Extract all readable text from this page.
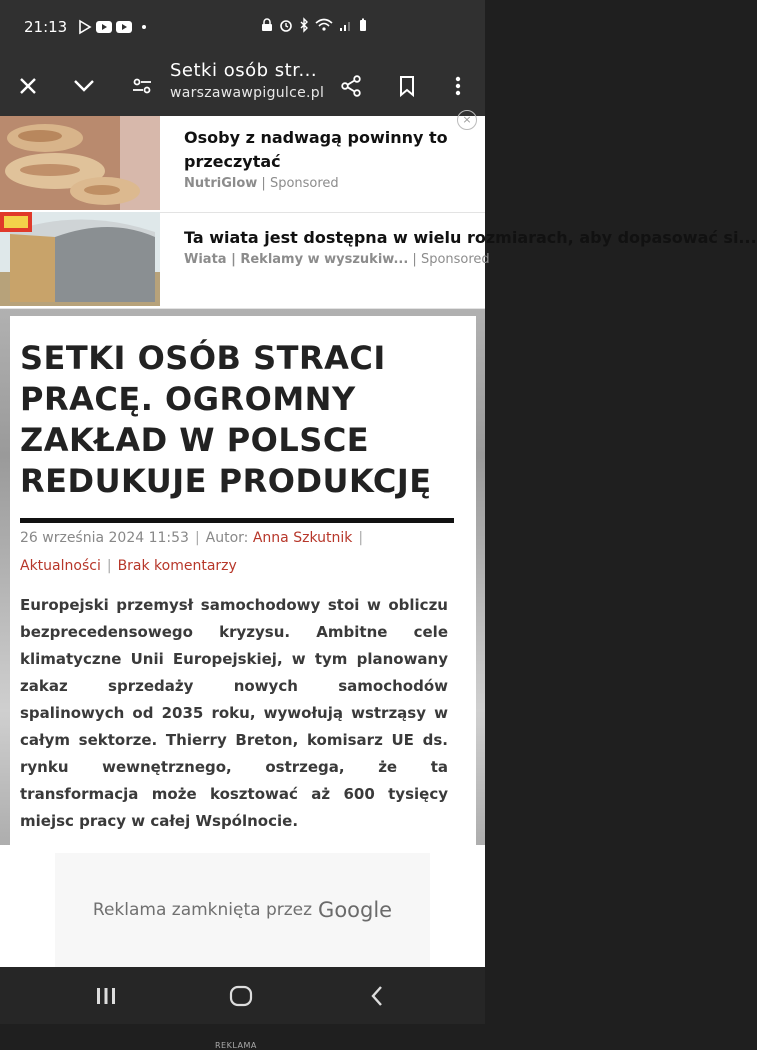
21:13
Setki osób str...
warszawawpigulce.pl
×
Osoby z nadwagą powinny to przeczytać
NutriGlow | Sponsored
Ta wiata jest dostępna w wielu rozmiarach, aby dopasować si...
Wiata | Reklamy w wyszukiw... | Sponsored
SETKI OSÓB STRACI PRACĘ. OGROMNY ZAKŁAD W POLSCE REDUKUJE PRODUKCJĘ
26 września 2024 11:53 | Autor: Anna Szkutnik |
Aktualności | Brak komentarzy

Europejski przemysł samochodowy stoi w obliczu bezprecedensowego kryzysu. Ambitne cele klimatyczne Unii Europejskiej, w tym planowany zakaz sprzedaży nowych samochodów spalinowych od 2035 roku, wywołują wstrząsy w całym sektorze. Thierry Breton, komisarz UE ds. rynku wewnętrznego, ostrzega, że ta transformacja może kosztować aż 600 tysięcy miejsc pracy w całej Wspólnocie.

REKLAMA
Reklama zamknięta przez Google
